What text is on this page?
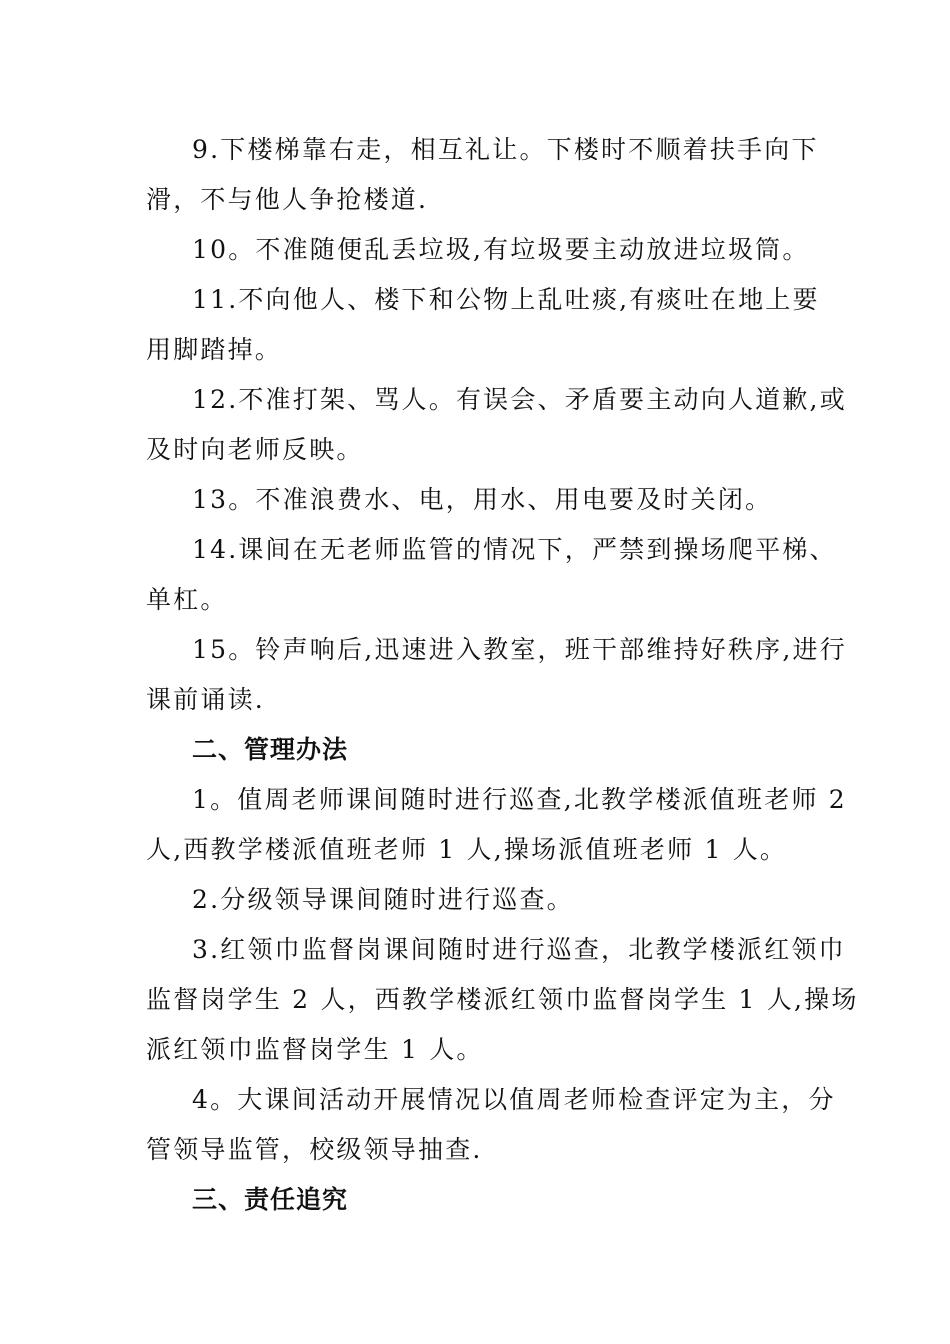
9.下楼梯靠右走，相互礼让。下楼时不顺着扶手向下
滑，不与他人争抢楼道.
10。不准随便乱丢垃圾,有垃圾要主动放进垃圾筒。
11.不向他人、楼下和公物上乱吐痰,有痰吐在地上要
用脚踏掉。
12.不准打架、骂人。有误会、矛盾要主动向人道歉,或
及时向老师反映。
13。不准浪费水、电，用水、用电要及时关闭。
14.课间在无老师监管的情况下，严禁到操场爬平梯、
单杠。
15。铃声响后,迅速进入教室，班干部维持好秩序,进行
课前诵读.
二、管理办法
1。值周老师课间随时进行巡查,北教学楼派值班老师 2
人,西教学楼派值班老师 1 人,操场派值班老师 1 人。
2.分级领导课间随时进行巡查。
3.红领巾监督岗课间随时进行巡查，北教学楼派红领巾
监督岗学生 2 人，西教学楼派红领巾监督岗学生 1 人,操场
派红领巾监督岗学生 1 人。
4。大课间活动开展情况以值周老师检查评定为主，分
管领导监管，校级领导抽查.
三、责任追究
